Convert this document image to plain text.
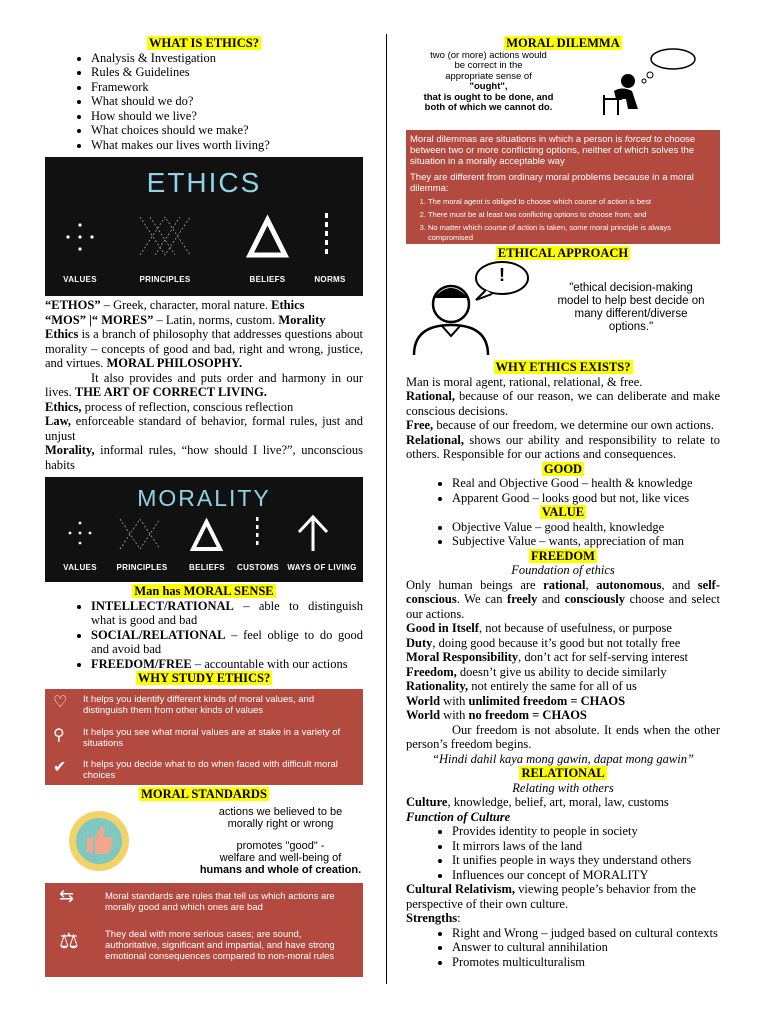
WHAT IS ETHICS?

• Analysis & Investigation
• Rules & Guidelines
• Framework
• What should we do?
• How should we live?
• What choices should we make?
• What makes our lives worth living?
ETHICS
VALUES	PRINCIPLES	BELIEFS	NORMS

“ETHOS” – Greek, character, moral nature. Ethics

“MOS” |“ MORES” – Latin, norms, custom. Morality

Ethics is a branch of philosophy that addresses questions about morality – concepts of good and bad, right and wrong, justice, and virtues. MORAL PHILOSOPHY.

It also provides and puts order and harmony in our lives. THE ART OF CORRECT LIVING.

Ethics, process of reflection, conscious reflection

Law, enforceable standard of behavior, formal rules, just and unjust

Morality, informal rules, “how should I live?”, unconscious habits

MORALITY
VALUES	PRINCIPLES	BELIEFS	CUSTOMS	WAYS OF LIVING

Man has MORAL SENSE

• INTELLECT/RATIONAL – able to distinguish what is good and bad
• SOCIAL/RELATIONAL – feel oblige to do good and avoid bad
• FREEDOM/FREE – accountable with our actions

WHY STUDY ETHICS?

♡	It helps you identify different kinds of moral values, and distinguish them from other kinds of values
⚲	It helps you see what moral values are at stake in a variety of situations
✔	It helps you decide what to do when faced with difficult moral choices

MORAL STANDARDS

actions we believed to be
morally right or wrong
promotes "good" -
welfare and well-being of
humans and whole of creation.
⇆	Moral standards are rules that tell us which actions are morally good and which ones are bad
⚖	They deal with more serious cases; are sound, authoritative, significant and impartial, and have strong emotional consequences compared to non-moral rules

MORAL DILEMMA

two (or more) actions would
be correct in the
appropriate sense of
"ought",
that is ought to be done, and
both of which we cannot do.

Moral dilemmas are situations in which a person is forced to choose between two or more conflicting options, neither of which solves the situation in a morally acceptable way

They are different from ordinary moral problems because in a moral dilemma:

1. The moral agent is obliged to choose which course of action is best
2. There must be at least two conflicting options to choose from; and
3. No matter which course of action is taken, some moral principle is always compromised

ETHICAL APPROACH

!
"ethical decision-making
model to help best decide on
many different/diverse
options."

WHY ETHICS EXISTS?

Man is moral agent, rational, relational, & free.

Rational, because of our reason, we can deliberate and make conscious decisions.

Free, because of our freedom, we determine our own actions.

Relational, shows our ability and responsibility to relate to others. Responsible for our actions and consequences.

GOOD

• Real and Objective Good – health & knowledge
• Apparent Good – looks good but not, like vices

VALUE

• Objective Value – good health, knowledge
• Subjective Value – wants, appreciation of man

FREEDOM

Foundation of ethics

Only human beings are rational, autonomous, and self-conscious. We can freely and consciously choose and select our actions.

Good in Itself, not because of usefulness, or purpose

Duty, doing good because it’s good but not totally free

Moral Responsibility, don’t act for self-serving interest

Freedom, doesn’t give us ability to decide similarly

Rationality, not entirely the same for all of us

World with unlimited freedom = CHAOS

World with no freedom = CHAOS

Our freedom is not absolute. It ends when the other person’s freedom begins.

“Hindi dahil kaya mong gawin, dapat mong gawin”

RELATIONAL

Relating with others

Culture, knowledge, belief, art, moral, law, customs

Function of Culture

• Provides identity to people in society
• It mirrors laws of the land
• It unifies people in ways they understand others
• Influences our concept of MORALITY

Cultural Relativism, viewing people’s behavior from the perspective of their own culture.

Strengths:

• Right and Wrong – judged based on cultural contexts
• Answer to cultural annihilation
• Promotes multiculturalism
